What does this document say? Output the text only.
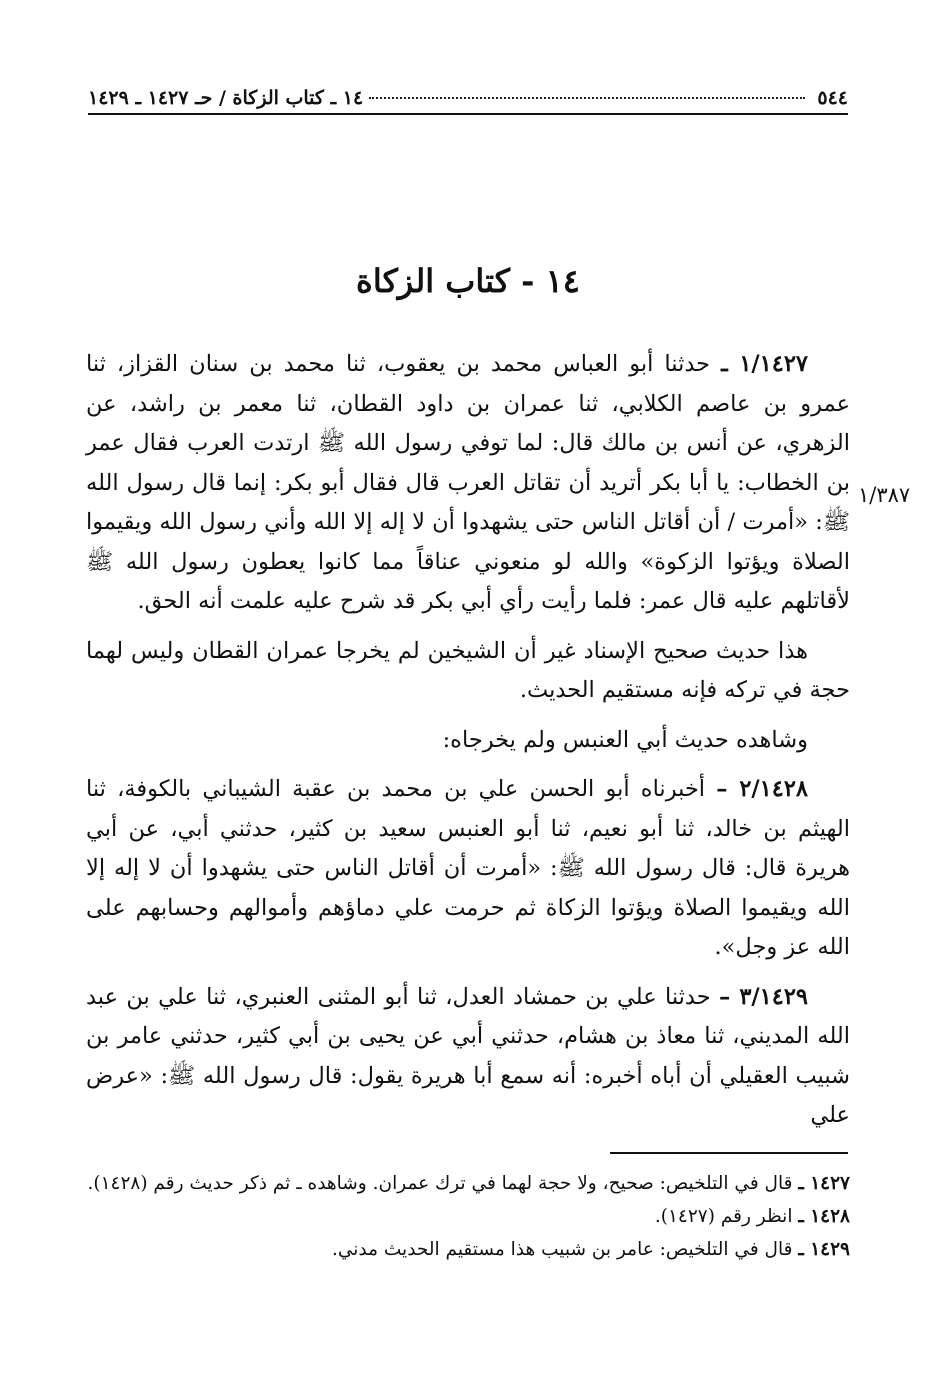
٥٤٤
١٤ ـ كتاب الزكاة / حـ ١٤٢٧ ـ ١٤٢٩
١٤ - كتاب الزكاة
١/٣٨٧

١/١٤٢٧ ـ حدثنا أبو العباس محمد بن يعقوب، ثنا محمد بن سنان القزاز، ثنا عمرو بن عاصم الكلابي، ثنا عمران بن داود القطان، ثنا معمر بن راشد، عن الزهري، عن أنس بن مالك قال: لما توفي رسول الله ﷺ ارتدت العرب فقال عمر بن الخطاب: يا أبا بكر أتريد أن تقاتل العرب قال فقال أبو بكر: إنما قال رسول الله ﷺ: «أمرت / أن أقاتل الناس حتى يشهدوا أن لا إله إلا الله وأني رسول الله ويقيموا الصلاة ويؤتوا الزكوة» والله لو منعوني عناقاً مما كانوا يعطون رسول الله ﷺ لأقاتلهم عليه قال عمر: فلما رأيت رأي أبي بكر قد شرح عليه علمت أنه الحق.

هذا حديث صحيح الإسناد غير أن الشيخين لم يخرجا عمران القطان وليس لهما حجة في تركه فإنه مستقيم الحديث.

وشاهده حديث أبي العنبس ولم يخرجاه:

٢/١٤٢٨ – أخبرناه أبو الحسن علي بن محمد بن عقبة الشيباني بالكوفة، ثنا الهيثم بن خالد، ثنا أبو نعيم، ثنا أبو العنبس سعيد بن كثير، حدثني أبي، عن أبي هريرة قال: قال رسول الله ﷺ: «أمرت أن أقاتل الناس حتى يشهدوا أن لا إله إلا الله ويقيموا الصلاة ويؤتوا الزكاة ثم حرمت علي دماؤهم وأموالهم وحسابهم على الله عز وجل».

٣/١٤٢٩ – حدثنا علي بن حمشاد العدل، ثنا أبو المثنى العنبري، ثنا علي بن عبد الله المديني، ثنا معاذ بن هشام، حدثني أبي عن يحيى بن أبي كثير، حدثني عامر بن شبيب العقيلي أن أباه أخبره: أنه سمع أبا هريرة يقول: قال رسول الله ﷺ: «عرض علي

١٤٢٧ ـ قال في التلخيص: صحيح، ولا حجة لهما في ترك عمران. وشاهده ـ ثم ذكر حديث رقم (١٤٢٨).

١٤٢٨ ـ انظر رقم (١٤٢٧).

١٤٢٩ ـ قال في التلخيص: عامر بن شبيب هذا مستقيم الحديث مدني.
